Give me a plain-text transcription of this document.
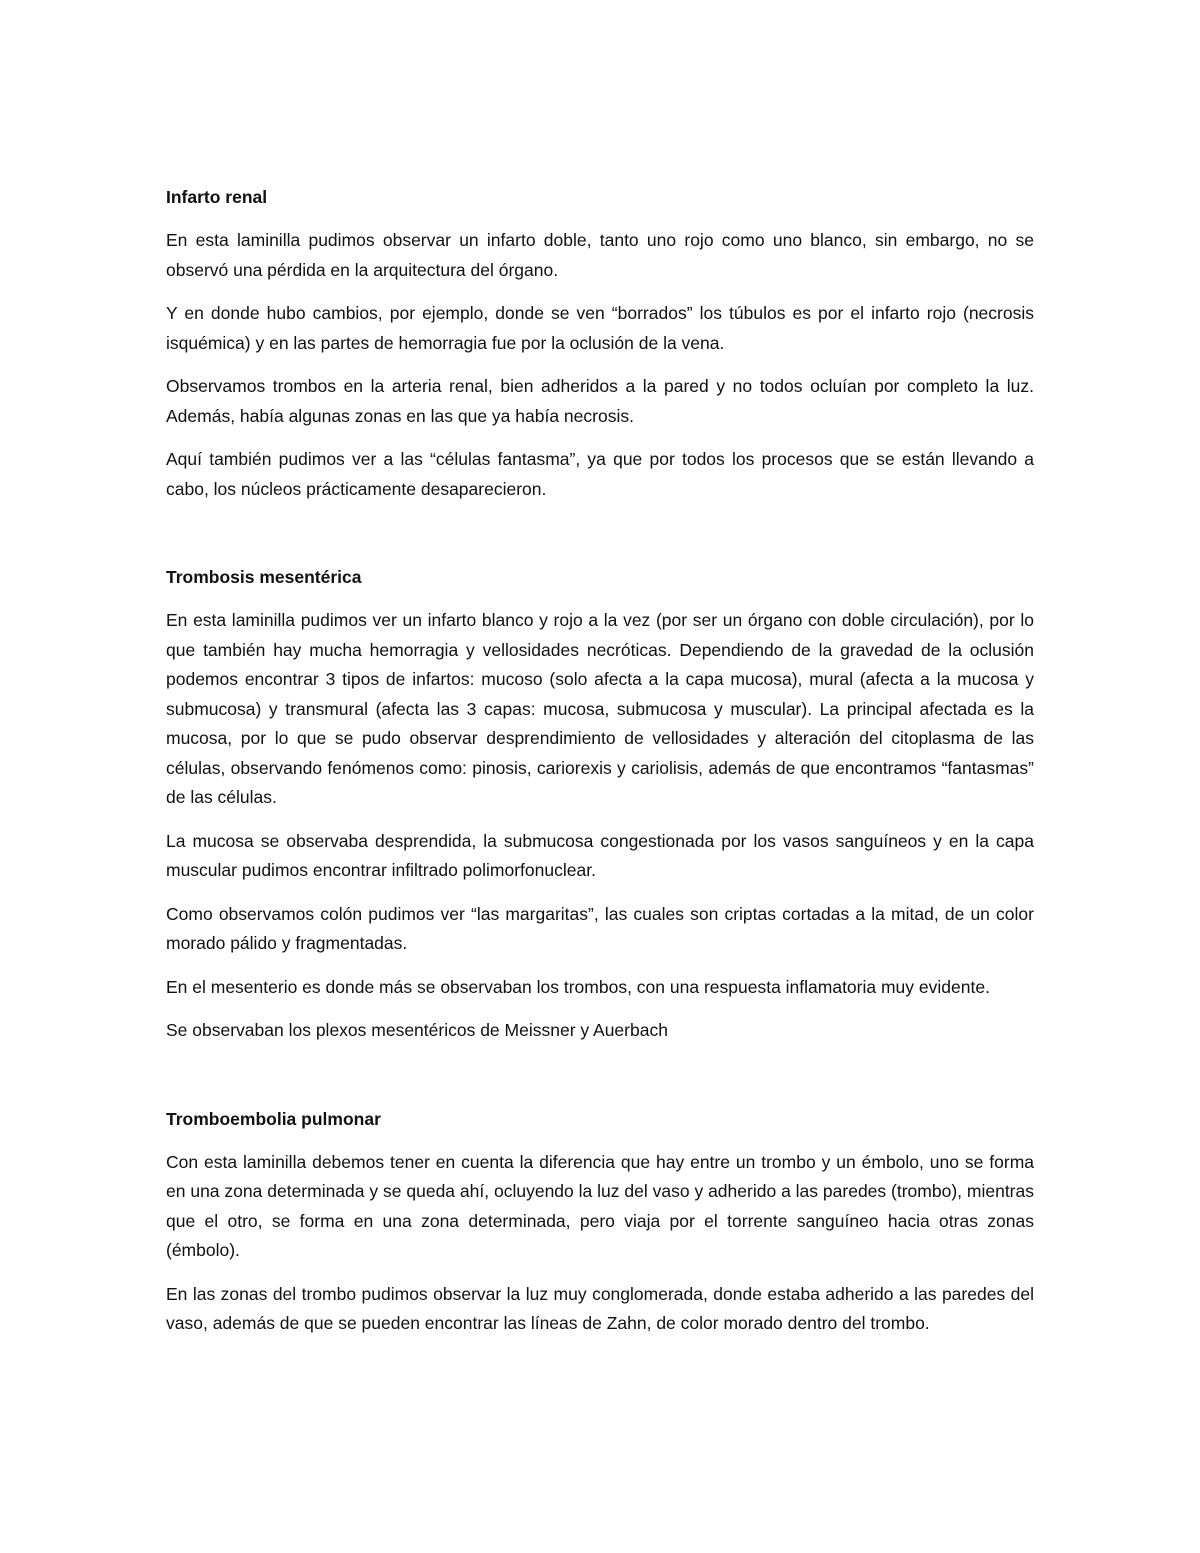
Infarto renal

En esta laminilla pudimos observar un infarto doble, tanto uno rojo como uno blanco, sin embargo, no se observó una pérdida en la arquitectura del órgano.

Y en donde hubo cambios, por ejemplo, donde se ven “borrados” los túbulos es por el infarto rojo (necrosis isquémica) y en las partes de hemorragia fue por la oclusión de la vena.

Observamos trombos en la arteria renal, bien adheridos a la pared y no todos ocluían por completo la luz. Además, había algunas zonas en las que ya había necrosis.

Aquí también pudimos ver a las “células fantasma”, ya que por todos los procesos que se están llevando a cabo, los núcleos prácticamente desaparecieron.

Trombosis mesentérica

En esta laminilla pudimos ver un infarto blanco y rojo a la vez (por ser un órgano con doble circulación), por lo que también hay mucha hemorragia y vellosidades necróticas. Dependiendo de la gravedad de la oclusión podemos encontrar 3 tipos de infartos: mucoso (solo afecta a la capa mucosa), mural (afecta a la mucosa y submucosa) y transmural (afecta las 3 capas: mucosa, submucosa y muscular). La principal afectada es la mucosa, por lo que se pudo observar desprendimiento de vellosidades y alteración del citoplasma de las células, observando fenómenos como: pinosis, cariorexis y cariolisis, además de que encontramos “fantasmas” de las células.

La mucosa se observaba desprendida, la submucosa congestionada por los vasos sanguíneos y en la capa muscular pudimos encontrar infiltrado polimorfonuclear.

Como observamos colón pudimos ver “las margaritas”, las cuales son criptas cortadas a la mitad, de un color morado pálido y fragmentadas.

En el mesenterio es donde más se observaban los trombos, con una respuesta inflamatoria muy evidente.

Se observaban los plexos mesentéricos de Meissner y Auerbach

Tromboembolia pulmonar

Con esta laminilla debemos tener en cuenta la diferencia que hay entre un trombo y un émbolo, uno se forma en una zona determinada y se queda ahí, ocluyendo la luz del vaso y adherido a las paredes (trombo), mientras que el otro, se forma en una zona determinada, pero viaja por el torrente sanguíneo hacia otras zonas (émbolo).

En las zonas del trombo pudimos observar la luz muy conglomerada, donde estaba adherido a las paredes del vaso, además de que se pueden encontrar las líneas de Zahn, de color morado dentro del trombo.
